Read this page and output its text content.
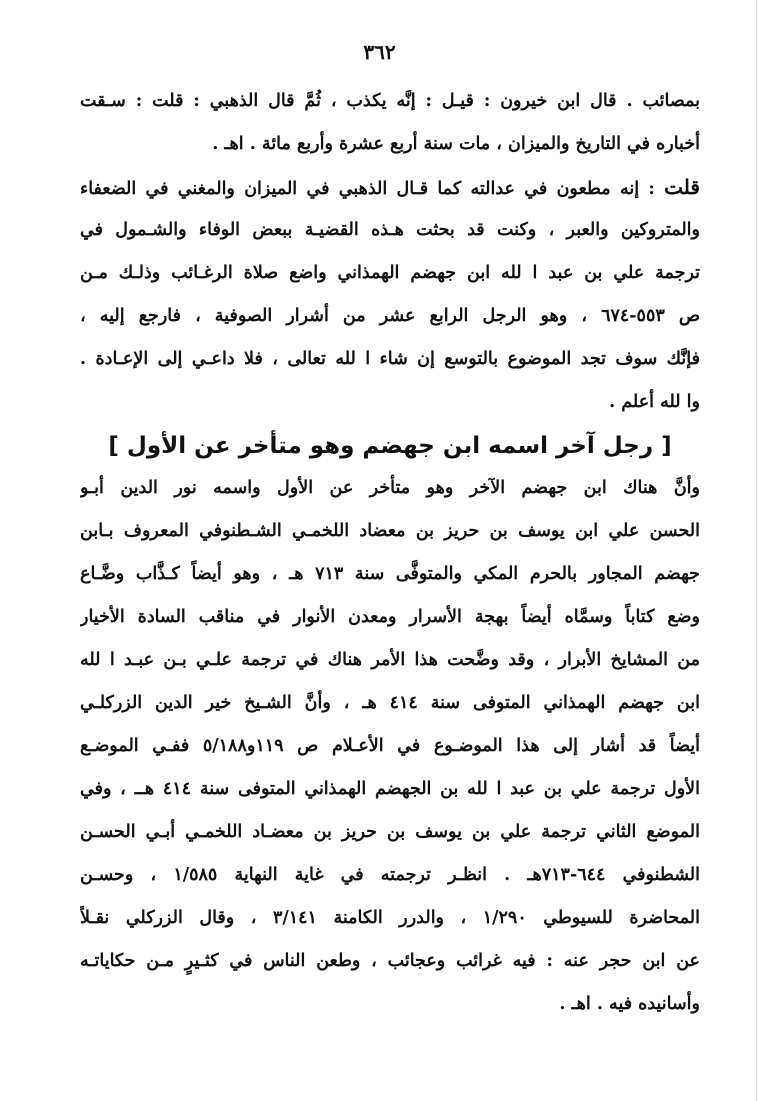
٣٦٢
بمصائب . قال ابن خيرون : قيـل : إنَّه يكذب ، ثُمَّ قال الذهبي : قلت : سـقت
أخباره في التاريخ والميزان ، مات سنة أربع عشرة وأربع مائة . اهـ .
قلت : إنه مطعون في عدالته كما قـال الذهبي في الميزان والمغني في الضعفاء
والمتروكين والعبر ، وكنت قد بحثت هـذه القضيـة ببعض الوفاء والشـمول في
ترجمة علي بن عبد ا لله ابن جهضم الهمذاني واضع صلاة الرغـائب وذلـك مـن
ص ٥٥٣-٦٧٤ ، وهو الرجل الرابع عشر من أشرار الصوفية ، فارجع إليه ،
فإنَّك سوف تجد الموضوع بالتوسع إن شاء ا لله تعالى ، فلا داعـي إلى الإعـادة .
وا لله أعلم .
[ رجل آخر اسمه ابن جهضم وهو متأخر عن الأول ]
وأنَّ هناك ابن جهضم الآخر وهو متأخر عن الأول واسمه نور الدين أبـو
الحسن علي ابن يوسف بن حريز بن معضاد اللخمـي الشـطنوفي المعروف بـابن
جهضم المجاور بالحرم المكي والمتوفَّى سنة ٧١٣ هـ ، وهو أيضاً كـذَّاب وضَّـاع
وضع كتاباً وسمَّاه أيضاً بهجة الأسرار ومعدن الأنوار في مناقب السادة الأخيار
من المشايخ الأبرار ، وقد وضَّحت هذا الأمر هناك في ترجمة علـي بـن عبـد ا لله
ابن جهضم الهمذاني المتوفى سنة ٤١٤ هـ ، وأنَّ الشـيخ خير الدين الزركلـي
أيضاً قد أشار إلى هذا الموضـوع في الأعـلام ص ١١٩و٥/١٨٨ ففـي الموضـع
الأول ترجمة علي بن عبد ا لله بن الجهضم الهمذاني المتوفى سنة ٤١٤ هــ ، وفي
الموضع الثاني ترجمة علي بن يوسف بن حريز بن معضـاد اللخمـي أبـي الحسـن
الشطنوفي ٦٤٤-٧١٣هـ . انظـر ترجمته في غاية النهاية ١/٥٨٥ ، وحسـن
المحاضرة للسيوطي ١/٢٩٠ ، والدرر الكامنة ٣/١٤١ ، وقال الزركلي نقـلاً
عن ابن حجر عنه : فيه غرائب وعجائب ، وطعن الناس في كثـيرٍ مـن حكاياتـه
وأسانيده فيه . اهـ .
